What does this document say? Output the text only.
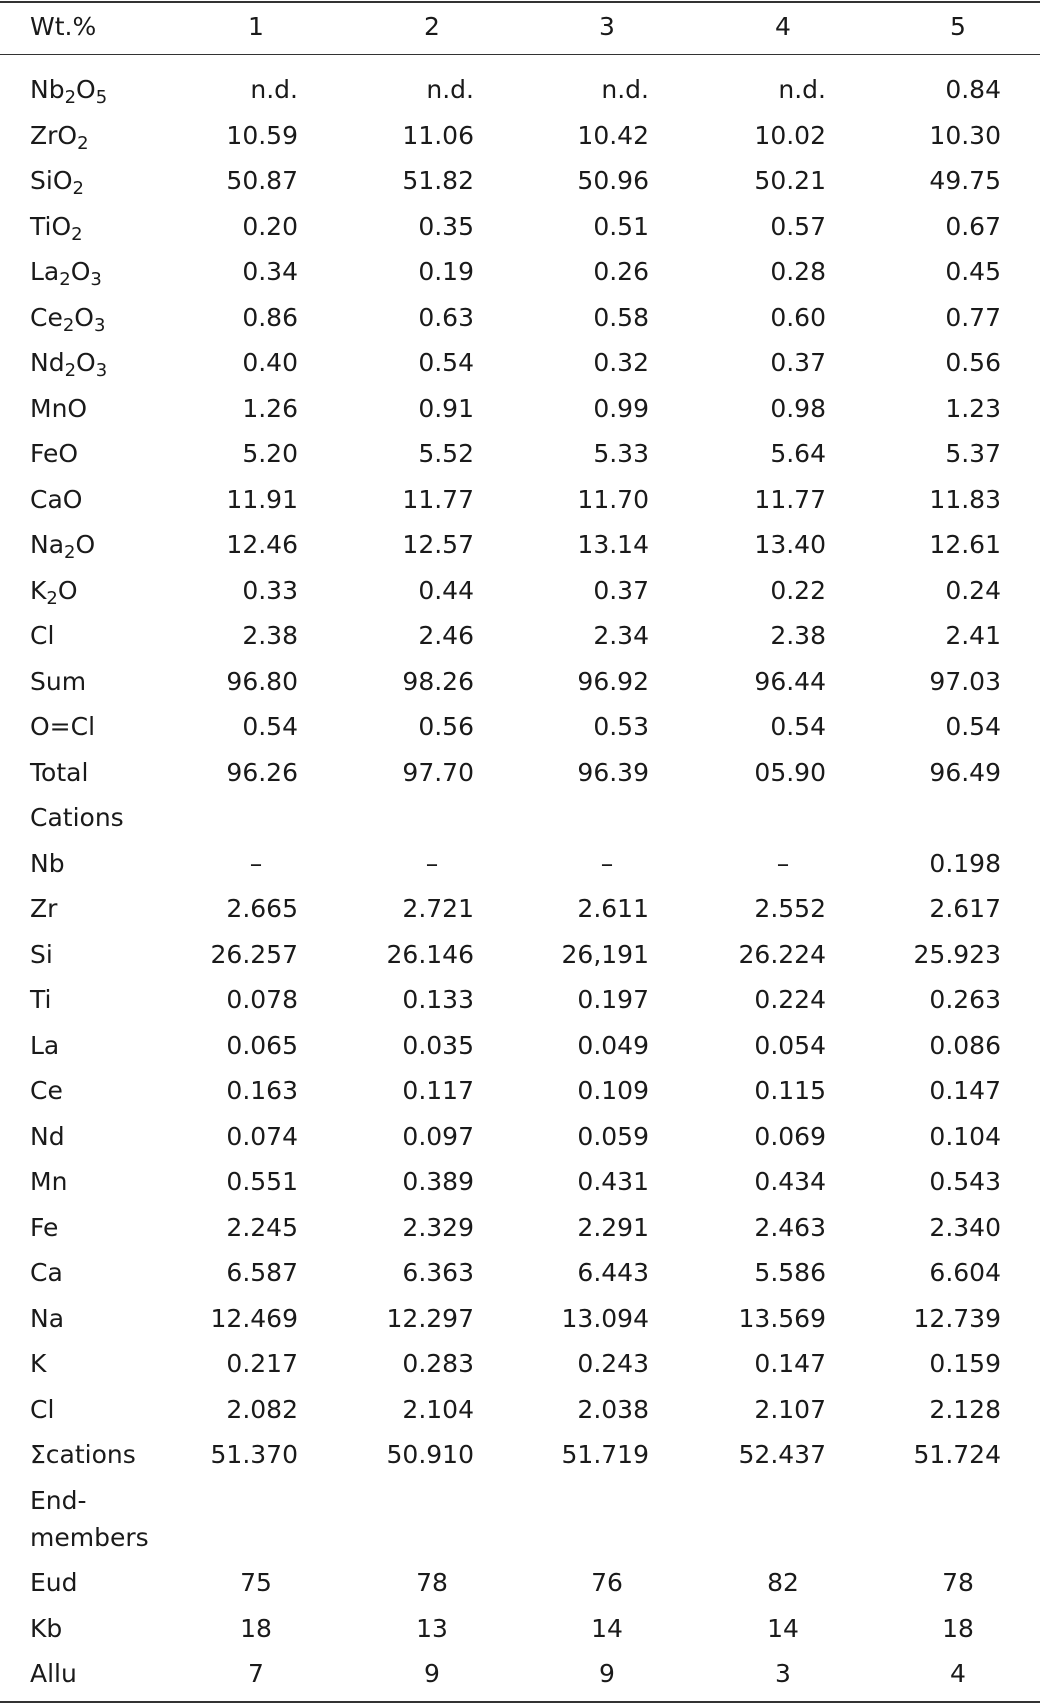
Wt.%	1	2	3	4	5
$Nb_2O_5$	n.d.	n.d.	n.d.	n.d.	0.84
ZrO$_2$	10.59	11.06	10.42	10.02	10.30
SiO$_2$	50.87	51.82	50.96	50.21	49.75
TiO$_2$	0.20	0.35	0.51	0.57	0.67
$La_2O_3$	0.34	0.19	0.26	0.28	0.45
$Ce_2O_3$	0.86	0.63	0.58	0.60	0.77
$Nd_2O_3$	0.40	0.54	0.32	0.37	0.56
MnO	1.26	0.91	0.99	0.98	1.23
FeO	5.20	5.52	5.33	5.64	5.37
CaO	11.91	11.77	11.70	11.77	11.83
$Na_2O$	12.46	12.57	13.14	13.40	12.61
$K_2O$	0.33	0.44	0.37	0.22	0.24
Cl	2.38	2.46	2.34	2.38	2.41
Sum	96.80	98.26	96.92	96.44	97.03
O=Cl	0.54	0.56	0.53	0.54	0.54
Total	96.26	97.70	96.39	05.90	96.49
Cations
Nb	–	–	–	–	0.198
Zr	2.665	2.721	2.611	2.552	2.617
Si	26.257	26.146	26,191	26.224	25.923
Ti	0.078	0.133	0.197	0.224	0.263
La	0.065	0.035	0.049	0.054	0.086
Ce	0.163	0.117	0.109	0.115	0.147
Nd	0.074	0.097	0.059	0.069	0.104
Mn	0.551	0.389	0.431	0.434	0.543
Fe	2.245	2.329	2.291	2.463	2.340
Ca	6.587	6.363	6.443	5.586	6.604
Na	12.469	12.297	13.094	13.569	12.739
K	0.217	0.283	0.243	0.147	0.159
Cl	2.082	2.104	2.038	2.107	2.128
Σcations	51.370	50.910	51.719	52.437	51.724
End-
members
Eud	75	78	76	82	78
Kb	18	13	14	14	18
Allu	7	9	9	3	4
